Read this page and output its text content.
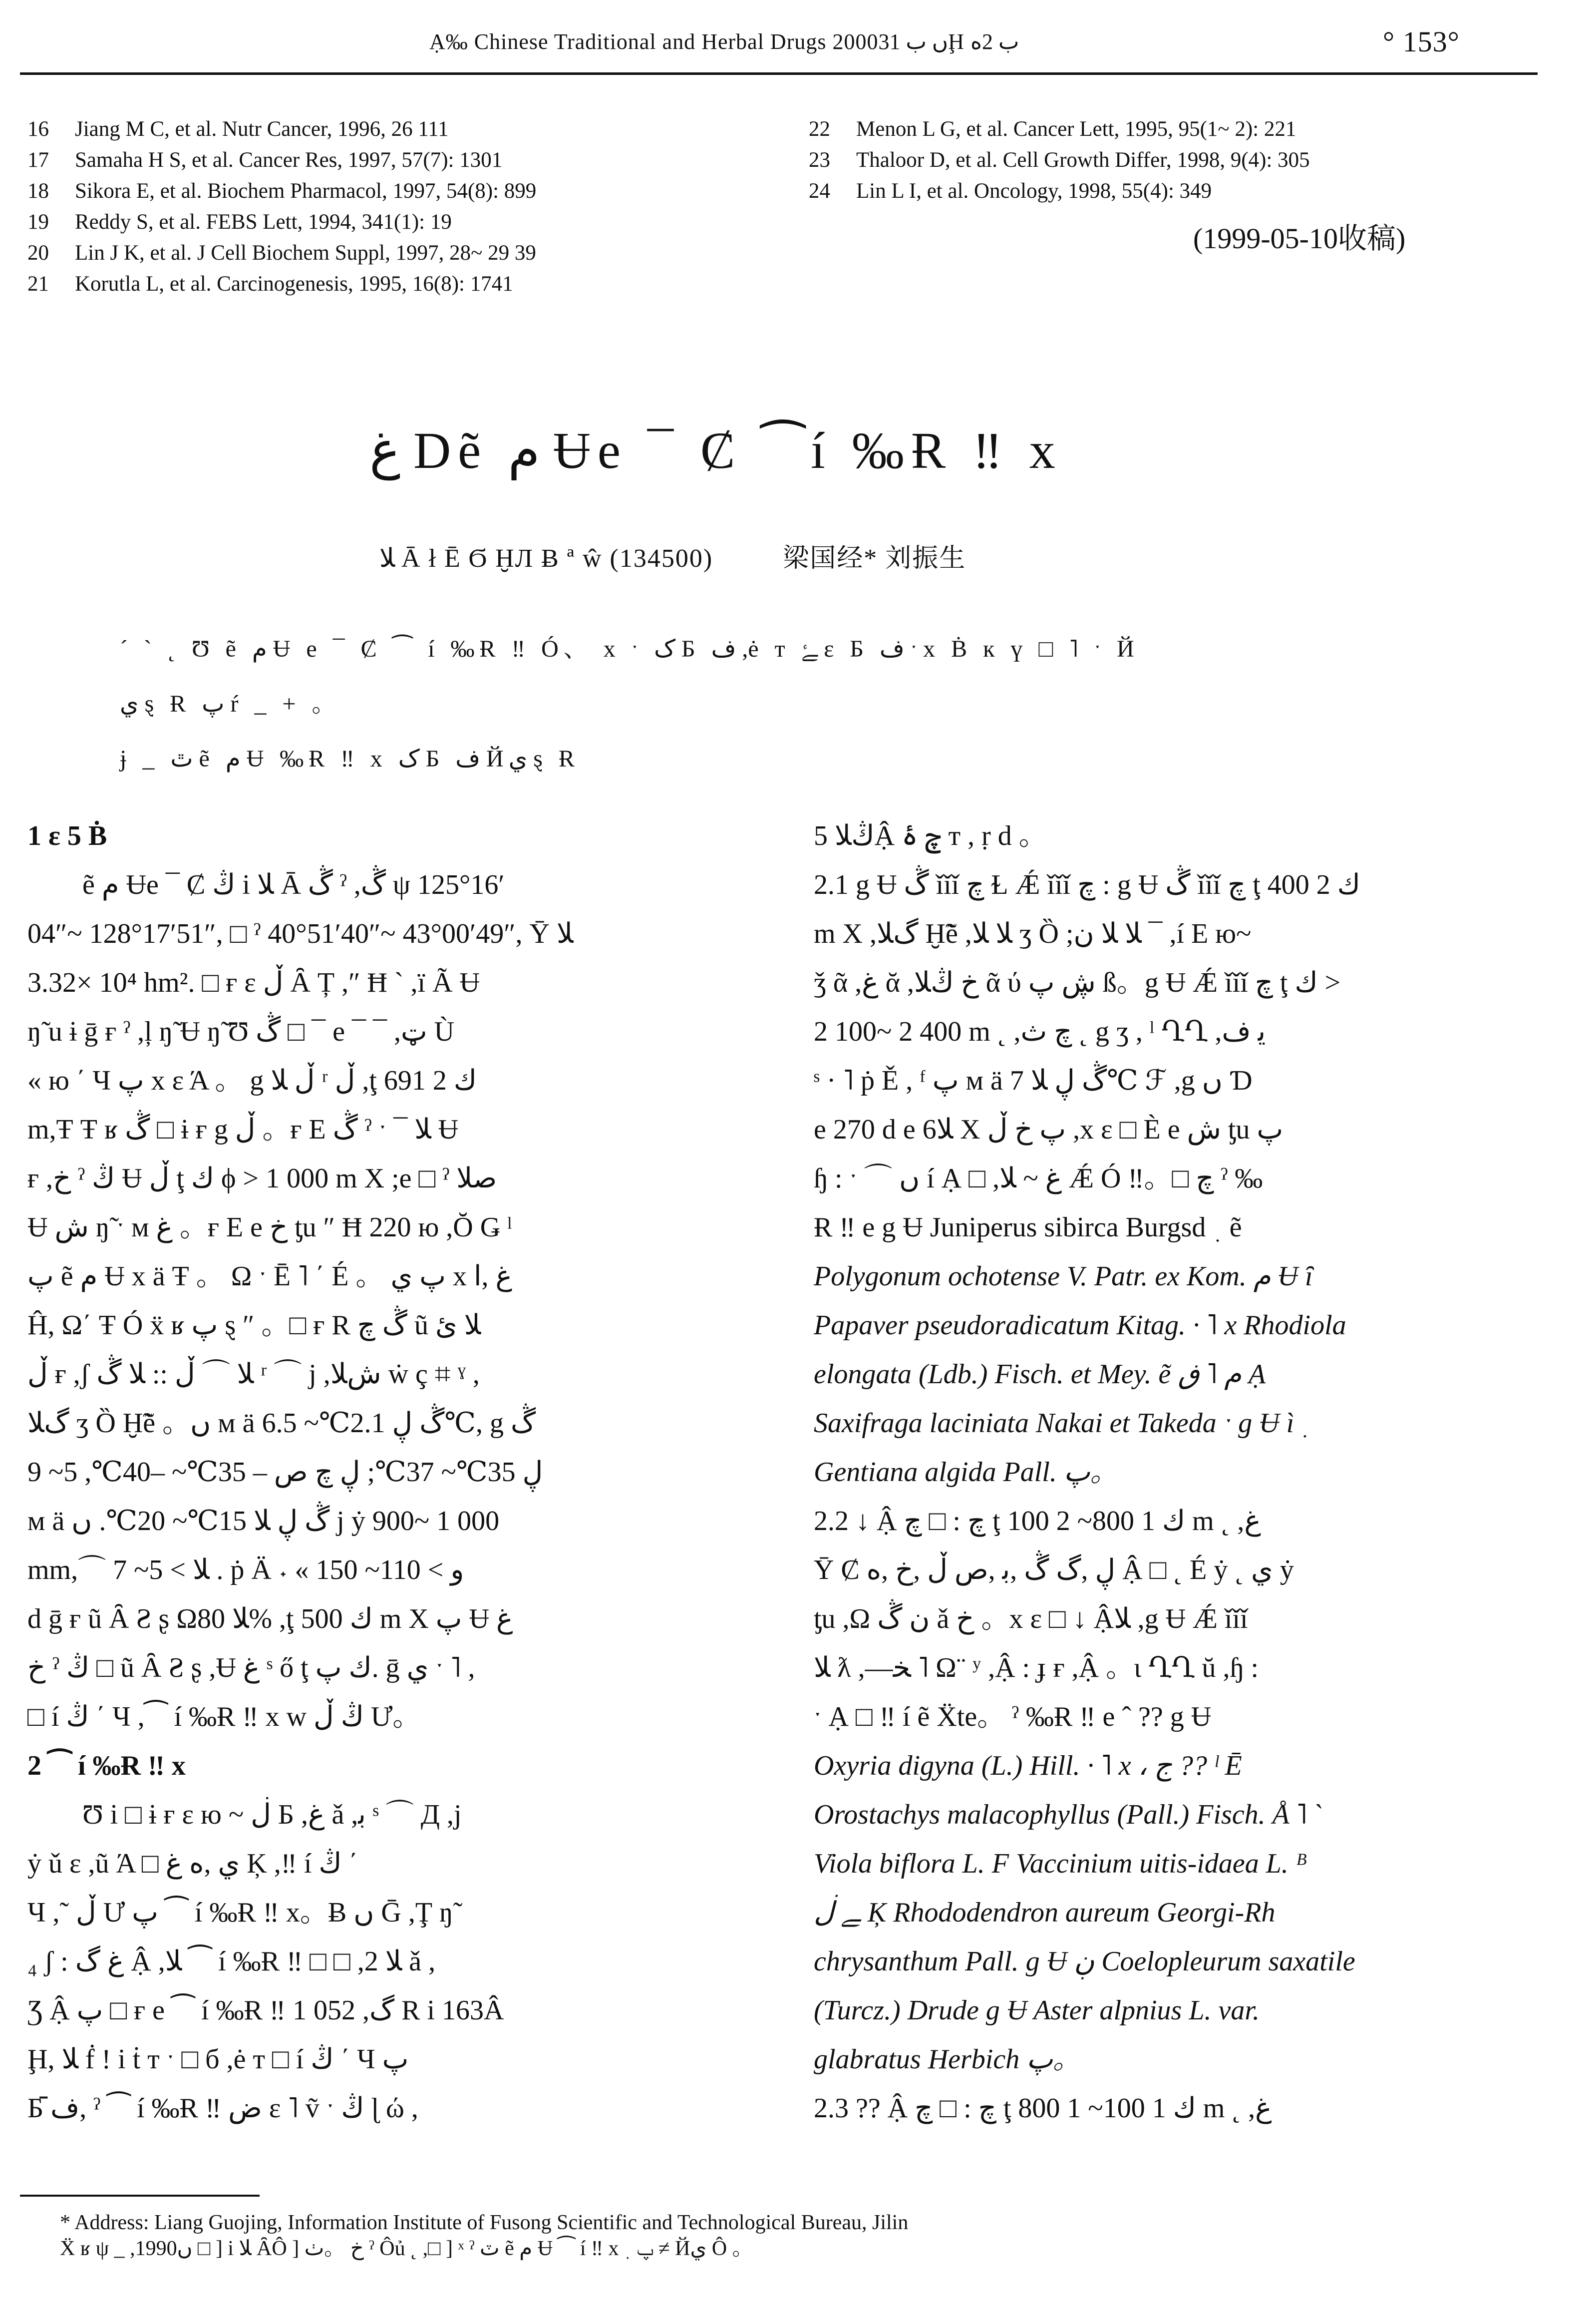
Ạ‰ Chinese Traditional and Herbal Drugs 2000ں ب 31Ḩ ب 2ه	° 153°
16 Jiang M C, et al. Nutr Cancer, 1996, 26 111
17 Samaha H S, et al. Cancer Res, 1997, 57(7): 1301
18 Sikora E, et al. Biochem Pharmacol, 1997, 54(8): 899
19 Reddy S, et al. FEBS Lett, 1994, 341(1): 19
20 Lin J K, et al. J Cell Biochem Suppl, 1997, 28~ 29 39
21 Korutla L, et al. Carcinogenesis, 1995, 16(8): 1741
22 Menon L G, et al. Cancer Lett, 1995, 95(1~ 2): 221
23 Thaloor D, et al. Cell Growth Differ, 1998, 9(4): 305
24 Lin L I, et al. Oncology, 1998, 55(4): 349
(1999-05-10收稿)
غ Dẽ م Ʉe ¯ Ȼ ⁀í ‰Ɍ ‼ x
ﻼ Ā ł Ē Ϭ ḪЛ Ƀ ª ŵ (134500)	梁国经* 刘振生
ˊ ˋ ˛ Ʊ ẽ م Ʉ e ¯ Ȼ ⁀ í ‰Ɍ ‼ Ó、 x ˑ ک Б ف ,ė т ﮱ ε Б ف ˑ x Ḃ к ү □ ˥ ˑ Й
ي ȿ Ɍ پ ŕ _ + 。
ɉ _ ٿ ẽ م Ʉ ‰Ɍ ‼ x ک Б ف Йي ȿ Ɍ
1 ε 5 Ḃ
ẽ م Ʉe ¯ Ȼ ڭ i ﻼ Ā ڴ ˀ ,ڴ ψ 125°16′
04″~ 128°17′51″, □ ˀ 40°51′40″~ 43°00′49″, Ȳ ﻼ
3.32× 10⁴ hm². □ ғ ε ڵ Ȃ Ț ,″ Ħ ˋ ,ï Ã Ʉ
ŋ̃ u ɨ ḡ ғ ˀ ,ļ ŋ̃ Ʉ ŋ̃ Ʊ ڴ □ ¯ e ¯ ¯ ,ټ Ù
« ю ΄ Ч پ x ε Ά 。 g ڵ ﻼ ʳ ڵ ,ţ ك 2 691
m,Ŧ Ŧ ʁ ڴ □ ɨ ғ g ڵ 。ғ Е ڴ ˀ ˑ ¯ ﻼ Ʉ
ғ ,خ ˀ ڭ Ʉ ڵ ţ ك ϕ > 1 000 m X ;e □ ˀ صلا
Ʉ ش ŋ̃ ˑ ᴍ غ 。ғ Е e خ ƫu ″ Ħ 220 ю ,Ŏ Ǥ ˡ
پ ẽ م Ʉ x ä Ŧ 。 Ω ˑ Ē ˥ ΄ É 。 پ ي x غ ,ا
Ĥ, Ω΄ Ŧ Ó ẍ ʁ پ ȿ ″ 。□ ғ R ڴ چ ũ ﻼ ئ
ڵ ғ ,ʃ ﻼ ⌒ ڵ :: ﻼ ڴ ʳ ⌒ j ,شﻼ ẇ ç ⌗ ˠ ,
گﻼ ʒ Ȍ Ḫ̃ẽ 。ں ᴍ ä ڴ ڸ 2.1℃~ 6.5℃, g ڴ
ڸ 35℃~ 37℃; ڸ چ ص – 35℃~ –40℃, 5~ 9
ᴍ ä ڴ ڸ ﻼ 15℃~ 20℃. ں j ẏ 900~ 1 000
mm,⌒ ﻼ > 5~ 7 . ṗ Ä ˖ « و > 110~ 150
d ḡ ғ ũ Ȃ Ƨ ʂ Ωﻼ 80% ,ţ ك 500 m X پ Ʉ غ
خ ˀ ڭ □ ũ Ȃ Ƨ ʂ ,Ʉ غ ˢ ő ţ ك پ. ḡ ي ˑ ˥ ,
□ í ڭ ΄ Ч ,⁀ í ‰Ɍ ‼ x w ڭ ڵ Ư。
2 ⁀ í ‰Ɍ ‼ x
Ʊ i □ ɨ ғ ε ю ~ ڶ Б ,غ ǎ ,ﺑ ˢ ⌒ Д ,j
ẏ ǔ ɛ ,ũ Ά □ ي ,ه غ Ķ ,‼ í ڭ ΄
Ч ,˜ ڵ Ư پ ⁀ í ‰Ɍ ‼ x。Ƀ ں Ḡ ,Ţ ŋ̃
₄ ʃ : غ گ Ậ ,ﻼ ⁀ í ‰Ɍ ‼ □ □ ,2 ﻼ ǎ ,
Ʒ Ậ پ □ ғ e ⁀ í ‰Ɍ ‼ 1 052 ,گ R i 163Â
Ḩ, ﻼ ḟ ! i ṫ т ˑ □ б ,ė т □ í ڭ ΄ Ч پ
Б ف̄, ˀ ⁀ í ‰Ɍ ‼ ض ε ˥ ṽ ˑ ڭ ɭ ώ ,
ڭﻼ 5Ậ چ ۂ т , ṛ d 。
2.1 g Ʉ ڴ ǐǐǐ چ Ɫ Ǽ ǐǐǐ چ : g Ʉ ڴ ǐǐǐ چ ţ ك 2 400
m X ,گﻼ Ḫ̃ẽ ,ﻼ ﻼ ʒ Ȍ ;ﻼ ﻼ ن ¯ ,í Е ю~
ǯ ᾶ ,غ ᾰ ,خ ڭﻼ ᾶ ύ ڜ پ ß。g Ʉ Ǽ ǐǐǐ چ ţ ك >
2 100~ 2 400 m ˛ ,چ ث ˛ g ʒ , ˡ ՂՂ ,ﻳ ف
ˢ · ˥ ṗ Ě , ᶠ پ ᴍ ä ڴ ڸ ﻼ 7℃ ℱ ,g ں Ɗ
e 270 d e 6ﻼ X پ خ ڵ ,x ε □ È e ش ƫu پ
ɧ : ˑ ⌒ ں í Ạ □ ,غ ~ ﻼ Ǽ Ó ‼。□ چ ˀ ‰
Ɍ ‼ e g Ʉ Juniperus sibirca Burgsd ﮳ ẽ
Polygonum ochotense V. Patr. ex Kom. م Ʉ ȋ
Papaver pseudoradicatum Kitag. · ˥ x Rhodiola
elongata (Ldb.) Fisch. et Mey. ẽ م ˥ ڧ Ạ
Saxifraga laciniata Nakai et Takeda ˑ g Ʉ ì ﮳
Gentiana algida Pall. پ。
2.2 ↓ Ậ چ : □ چ ţ ك 1 800~ 2 100 m ˛ ,غ
Ȳ Ȼ ڸ ,گ ڴ ,ﺑ ,ص ڵ ,خ ,ه Ậ □ ˛ É ẏ ˛ ي ẏ
ƫu ,Ω ن ڴ ǎ خ 。x ε □ ↓ Ậﻼ ,g Ʉ Ǽ ǐǐǐ
ﻼ ƛ ,—ﺨ ˥ Ω¨ ʸ ,Ậ : ɟ ғ ,Ậ 。ι ՂՂ ŭ ,ɧ :
ˑ Ạ □ ‼ í ẽ Ẍte。 ˀ ‰Ɍ ‼ e ˆ ?? g Ʉ
Oxyria digyna (L.) Hill. · ˥ x ، ج ?? ˡ Ē
Orostachys malacophyllus (Pall.) Fisch. Å ˥ ˋ
Viola biflora L. F Vaccinium uitis-idaea L. ᴮ
ﮯ ڶ Ķ Rhododendron aureum Georgi-Rh
chrysanthum Pall. g Ʉ ڹ Coelopleurum saxatile
(Turcz.) Drude g Ʉ Aster alpnius L. var.
glabratus Herbich پ。
2.3 ?? Ậ چ : □ چ ţ ك 1 100~ 1 800 m ˛ ,غ
* Address: Liang Guojing, Information Institute of Fusong Scientific and Technological Bureau, Jilin
Ẍ ʁ ψ _ ,1990ں □ ] i ﻼ ȂÔ ] خ 。ٺ ˀ Ôủ ˛ ,□ ] ˣ ˀ ٽ ẽ م Ʉ ⁀ í ‼ x پ ﮳ ≠ Йي Ô 。
